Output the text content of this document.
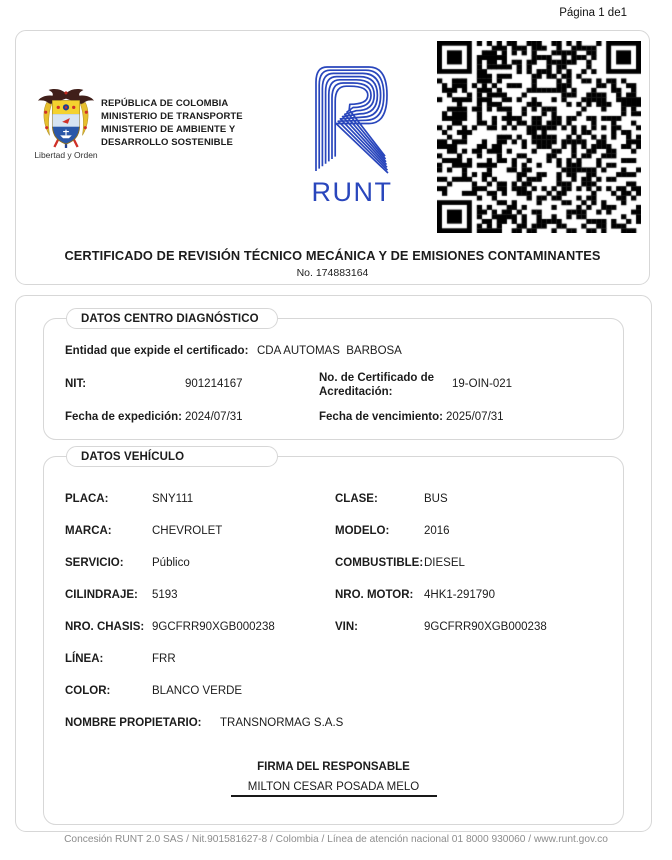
Página 1 de1
Libertad y Orden
REPÚBLICA DE COLOMBIA
MINISTERIO DE TRANSPORTE
MINISTERIO DE AMBIENTE Y
DESARROLLO SOSTENIBLE
RUNT
CERTIFICADO DE REVISIÓN TÉCNICO MECÁNICA Y DE EMISIONES CONTAMINANTES
No. 174883164
DATOS CENTRO DIAGNÓSTICO
Entidad que expide el certificado: CDA AUTOMAS  BARBOSA
NIT:	901214167	No. de Certificado de Acreditación:
19-OIN-021
Fecha de expedición: 2024/07/31	Fecha de vencimiento: 2025/07/31
DATOS VEHÍCULO
PLACA:	SNY111	CLASE:	BUS
MARCA:	CHEVROLET	MODELO:	2016
SERVICIO: Público	COMBUSTIBLE: DIESEL
CILINDRAJE: 5193	NRO. MOTOR: 4HK1-291790
NRO. CHASIS: 9GCFRR90XGB000238	VIN:	9GCFRR90XGB000238
LÍNEA:	FRR
COLOR:	BLANCO VERDE
NOMBRE PROPIETARIO: TRANSNORMAG S.A.S
FIRMA DEL RESPONSABLE
MILTON CESAR POSADA MELO
Concesión RUNT 2.0 SAS / Nit.901581627-8 / Colombia / Línea de atención nacional 01 8000 930060 / www.runt.gov.co
